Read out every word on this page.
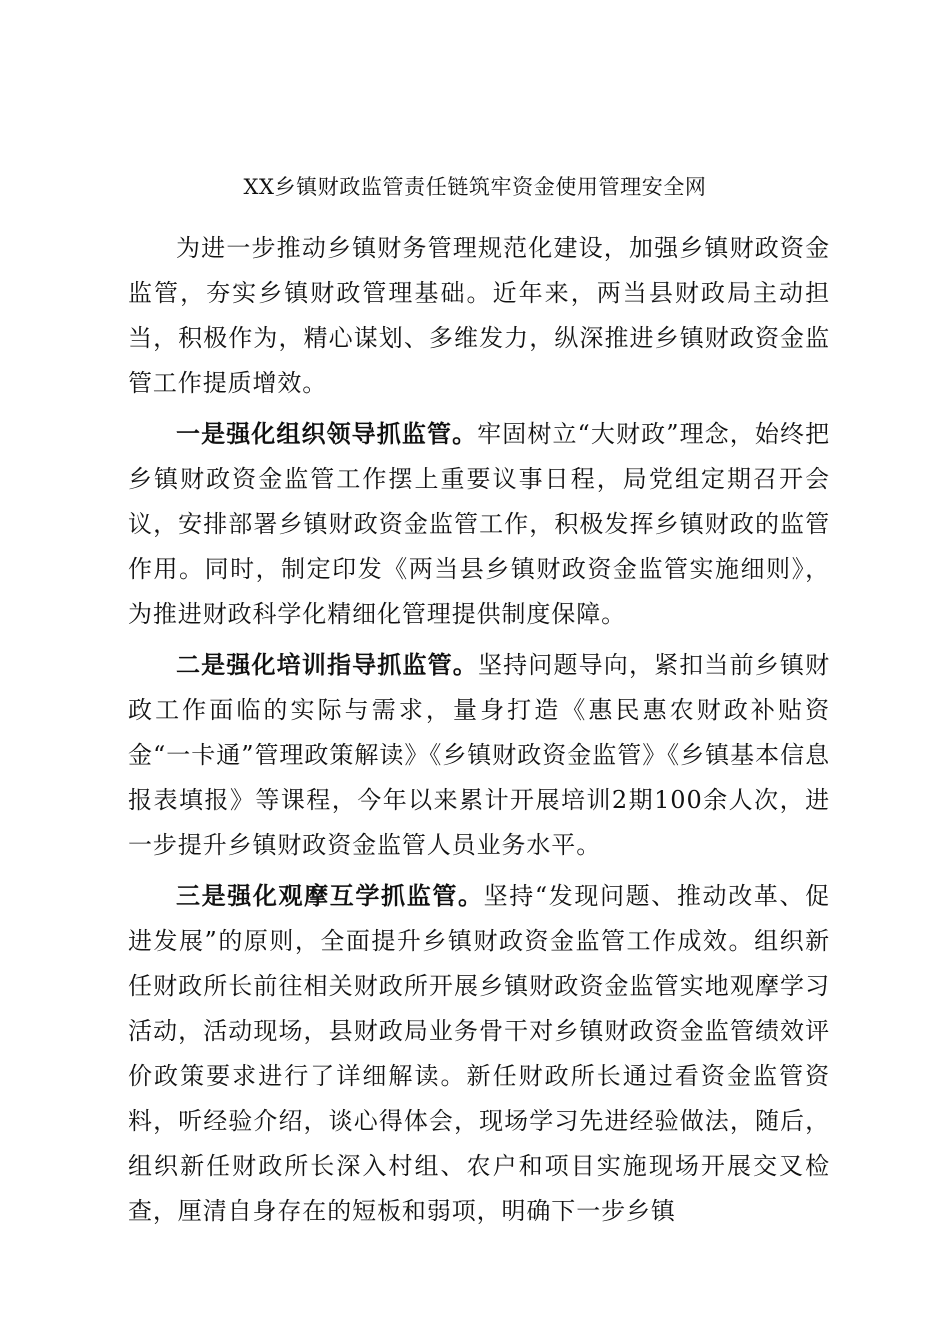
XX乡镇财政监管责任链筑牢资金使用管理安全网

为进一步推动乡镇财务管理规范化建设，加强乡镇财政资金监管，夯实乡镇财政管理基础。近年来，两当县财政局主动担当，积极作为，精心谋划、多维发力，纵深推进乡镇财政资金监管工作提质增效。

一是强化组织领导抓监管。牢固树立“大财政”理念，始终把乡镇财政资金监管工作摆上重要议事日程，局党组定期召开会议，安排部署乡镇财政资金监管工作，积极发挥乡镇财政的监管作用。同时，制定印发《两当县乡镇财政资金监管实施细则》，为推进财政科学化精细化管理提供制度保障。

二是强化培训指导抓监管。坚持问题导向，紧扣当前乡镇财政工作面临的实际与需求，量身打造《惠民惠农财政补贴资金“一卡通”管理政策解读》《乡镇财政资金监管》《乡镇基本信息报表填报》等课程，今年以来累计开展培训2期100余人次，进一步提升乡镇财政资金监管人员业务水平。

三是强化观摩互学抓监管。坚持“发现问题、推动改革、促进发展”的原则，全面提升乡镇财政资金监管工作成效。组织新任财政所长前往相关财政所开展乡镇财政资金监管实地观摩学习活动，活动现场，县财政局业务骨干对乡镇财政资金监管绩效评价政策要求进行了详细解读。新任财政所长通过看资金监管资料，听经验介绍，谈心得体会，现场学习先进经验做法，随后，组织新任财政所长深入村组、农户和项目实施现场开展交叉检查，厘清自身存在的短板和弱项，明确下一步乡镇
